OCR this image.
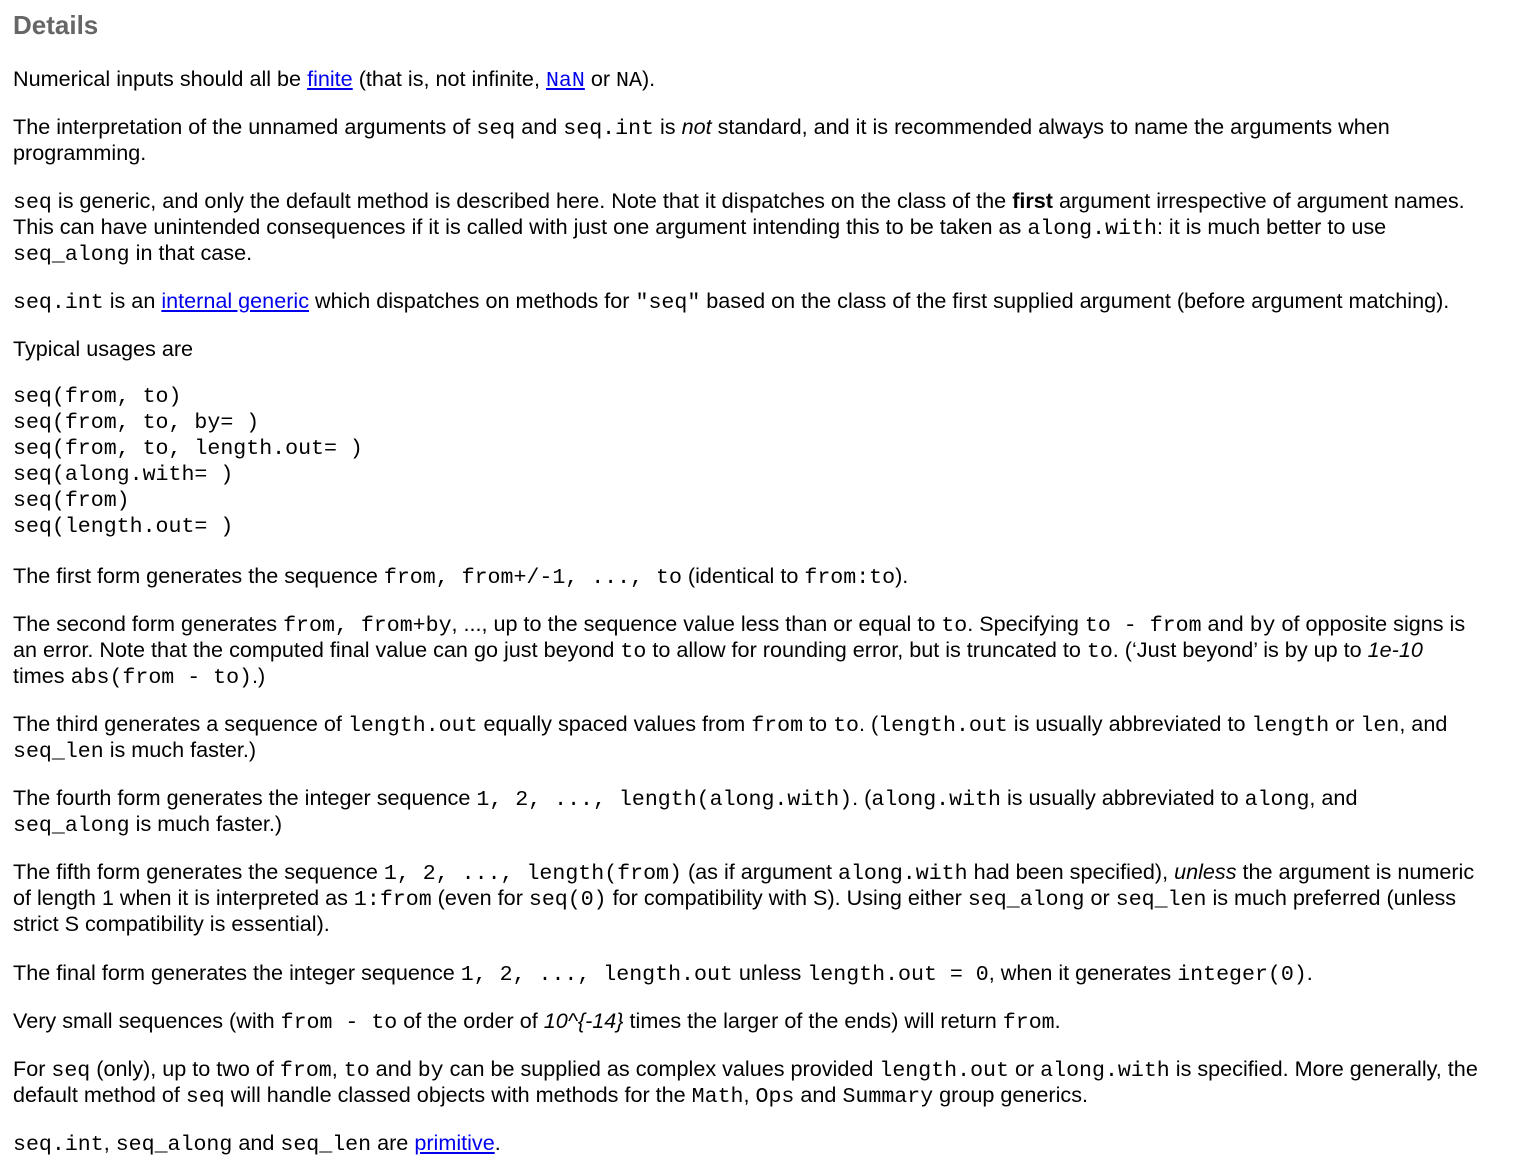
Details
Numerical inputs should all be finite (that is, not infinite, NaN or NA).
The interpretation of the unnamed arguments of seq and seq.int is not standard, and it is recommended always to name the arguments when
programming.
seq is generic, and only the default method is described here. Note that it dispatches on the class of the first argument irrespective of argument names.
This can have unintended consequences if it is called with just one argument intending this to be taken as along.with: it is much better to use
seq_along in that case.
seq.int is an internal generic which dispatches on methods for "seq" based on the class of the first supplied argument (before argument matching).
Typical usages are
seq(from, to)
seq(from, to, by= )
seq(from, to, length.out= )
seq(along.with= )
seq(from)
seq(length.out= )
The first form generates the sequence from, from+/-1, ..., to (identical to from:to).
The second form generates from, from+by, ..., up to the sequence value less than or equal to to. Specifying to - from and by of opposite signs is
an error. Note that the computed final value can go just beyond to to allow for rounding error, but is truncated to to. (‘Just beyond’ is by up to 1e-10
times abs(from - to).)
The third generates a sequence of length.out equally spaced values from from to to. (length.out is usually abbreviated to length or len, and
seq_len is much faster.)
The fourth form generates the integer sequence 1, 2, ..., length(along.with). (along.with is usually abbreviated to along, and
seq_along is much faster.)
The fifth form generates the sequence 1, 2, ..., length(from) (as if argument along.with had been specified), unless the argument is numeric
of length 1 when it is interpreted as 1:from (even for seq(0) for compatibility with S). Using either seq_along or seq_len is much preferred (unless
strict S compatibility is essential).
The final form generates the integer sequence 1, 2, ..., length.out unless length.out = 0, when it generates integer(0).
Very small sequences (with from - to of the order of 10^{-14} times the larger of the ends) will return from.
For seq (only), up to two of from, to and by can be supplied as complex values provided length.out or along.with is specified. More generally, the
default method of seq will handle classed objects with methods for the Math, Ops and Summary group generics.
seq.int, seq_along and seq_len are primitive.
